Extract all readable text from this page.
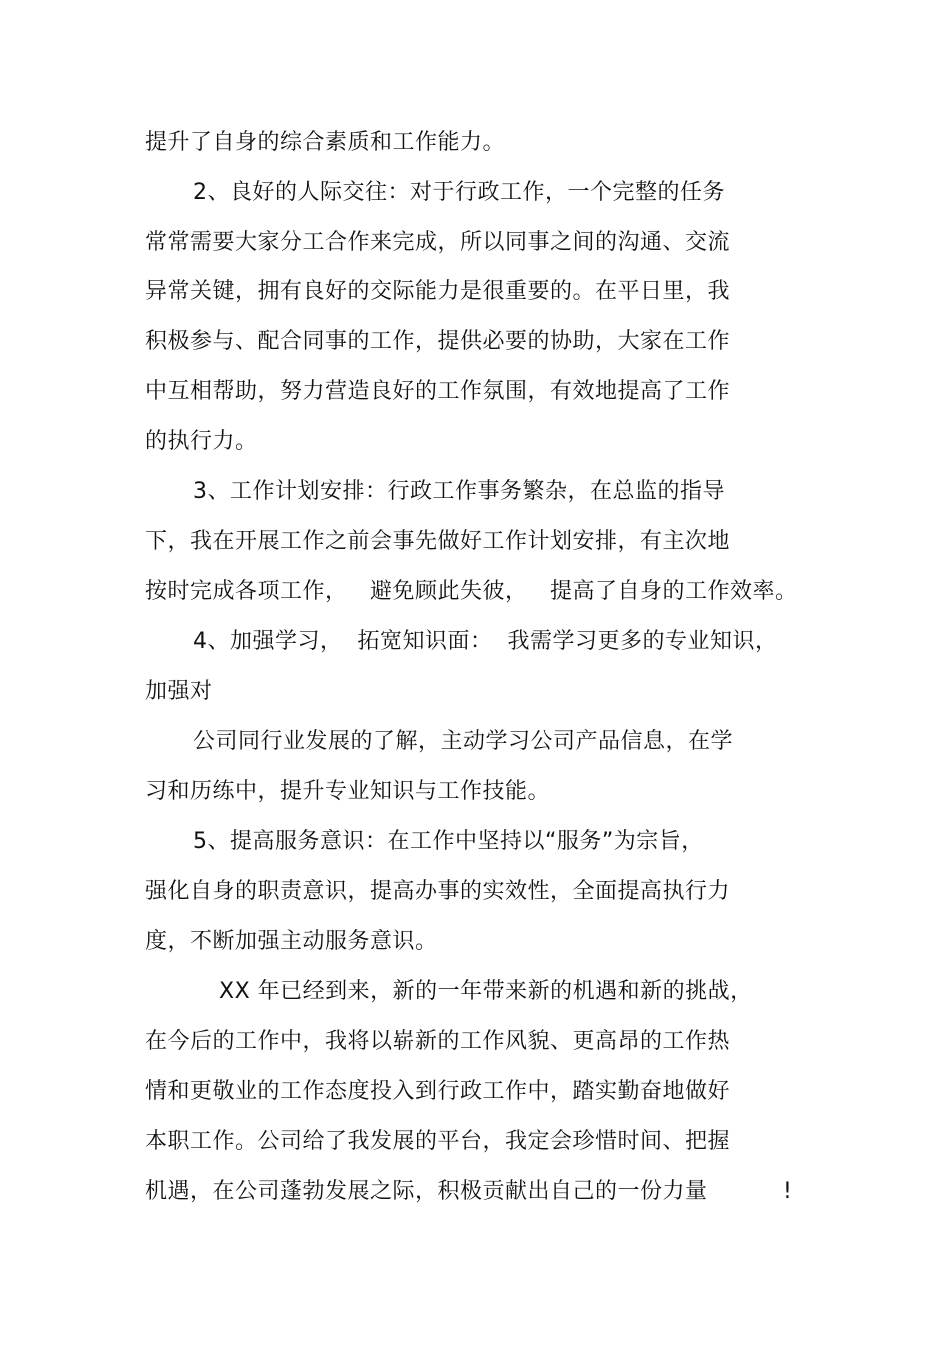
提升了自身的综合素质和工作能力。
2、良好的人际交往：对于行政工作，一个完整的任务
常常需要大家分工合作来完成，所以同事之间的沟通、交流
异常关键，拥有良好的交际能力是很重要的。在平日里，我
积极参与、配合同事的工作，提供必要的协助，大家在工作
中互相帮助，努力营造良好的工作氛围，有效地提高了工作
的执行力。
3、工作计划安排：行政工作事务繁杂，在总监的指导
下，我在开展工作之前会事先做好工作计划安排，有主次地
按时完成各项工作，   避免顾此失彼，   提高了自身的工作效率。
4、加强学习，  拓宽知识面：  我需学习更多的专业知识，
加强对
公司同行业发展的了解，主动学习公司产品信息，在学
习和历练中，提升专业知识与工作技能。
5、提高服务意识：在工作中坚持以“服务”为宗旨，
强化自身的职责意识，提高办事的实效性，全面提高执行力
度，不断加强主动服务意识。
XX 年已经到来，新的一年带来新的机遇和新的挑战，
在今后的工作中，我将以崭新的工作风貌、更高昂的工作热
情和更敬业的工作态度投入到行政工作中，踏实勤奋地做好
本职工作。公司给了我发展的平台，我定会珍惜时间、把握
机遇，在公司蓬勃发展之际，积极贡献出自己的一份力量	!
